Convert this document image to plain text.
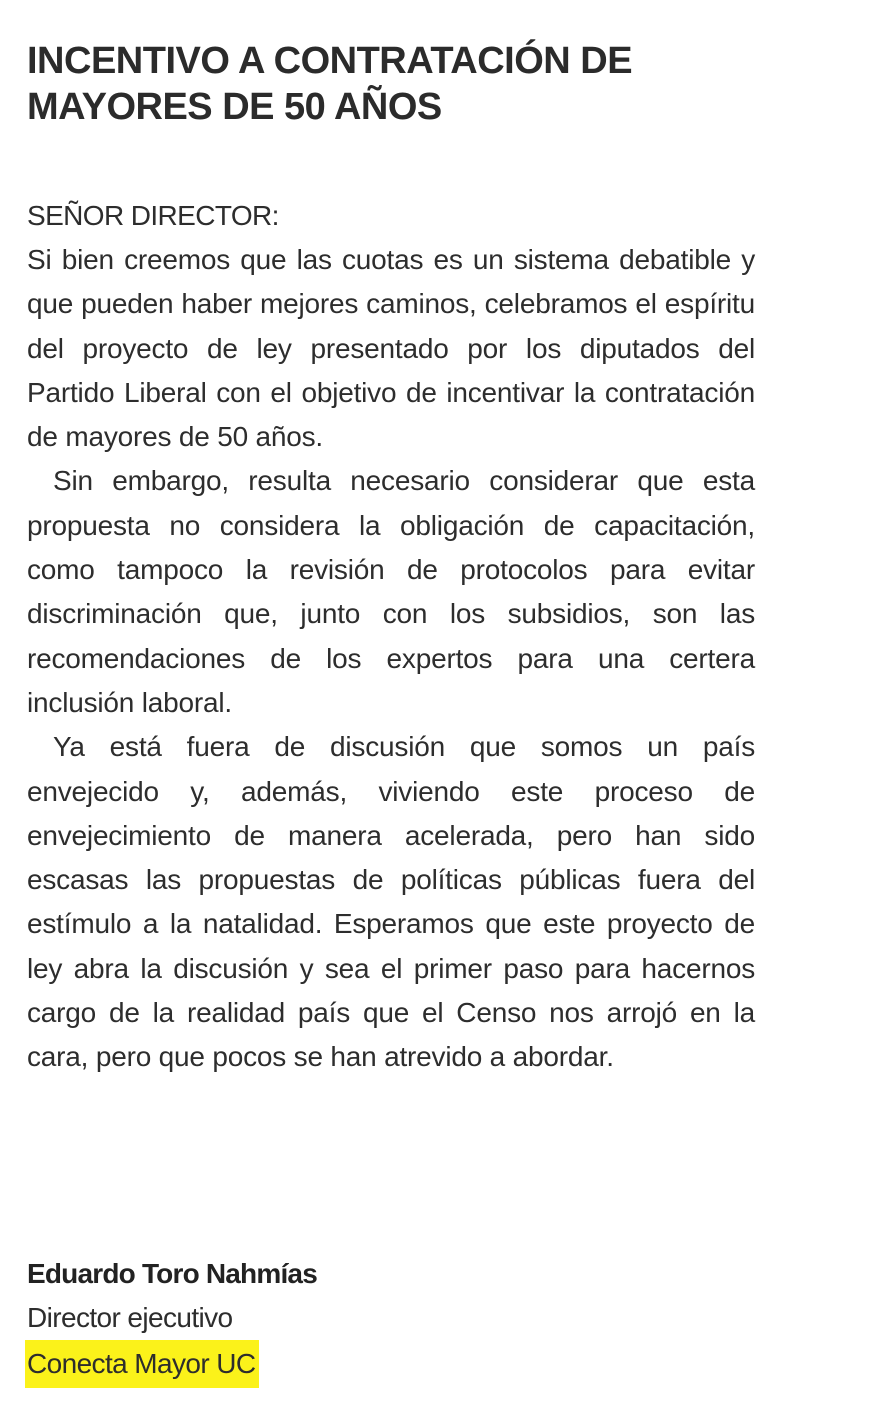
INCENTIVO A CONTRATACIÓN DE
MAYORES DE 50 AÑOS
SEÑOR DIRECTOR:

Si bien creemos que las cuotas es un sistema debatible y que pueden haber mejores caminos, celebramos el espíritu del proyecto de ley presentado por los diputados del Partido Liberal con el objetivo de incentivar la contratación de mayores de 50 años.

Sin embargo, resulta necesario considerar que esta propuesta no considera la obligación de capacitación, como tampoco la revisión de protocolos para evitar discriminación que, junto con los subsidios, son las recomendaciones de los expertos para una certera inclusión laboral.

Ya está fuera de discusión que somos un país envejecido y, además, viviendo este proceso de envejecimiento de manera acelerada, pero han sido escasas las propuestas de políticas públicas fuera del estímulo a la natalidad. Esperamos que este proyecto de ley abra la discusión y sea el primer paso para hacernos cargo de la realidad país que el Censo nos arrojó en la cara, pero que pocos se han atrevido a abordar.

Eduardo Toro Nahmías
Director ejecutivo
Conecta Mayor UC
